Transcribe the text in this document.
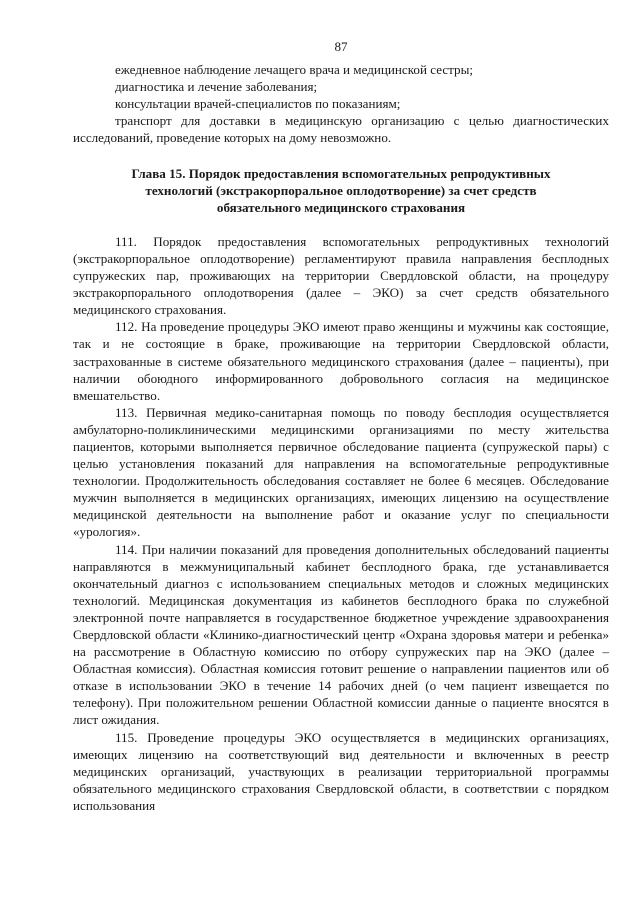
87

ежедневное наблюдение лечащего врача и медицинской сестры;

диагностика и лечение заболевания;

консультации врачей-специалистов по показаниям;

транспорт для доставки в медицинскую организацию с целью диагностических исследований, проведение которых на дому невозможно.

Глава 15. Порядок предоставления вспомогательных репродуктивных
технологий (экстракорпоральное оплодотворение) за счет средств
обязательного медицинского страхования

111. Порядок предоставления вспомогательных репродуктивных технологий (экстракорпоральное оплодотворение) регламентируют правила направления бесплодных супружеских пар, проживающих на территории Свердловской области, на процедуру экстракорпорального оплодотворения (далее – ЭКО) за счет средств обязательного медицинского страхования.

112. На проведение процедуры ЭКО имеют право женщины и мужчины как состоящие, так и не состоящие в браке, проживающие на территории Свердловской области, застрахованные в системе обязательного медицинского страхования (далее – пациенты), при наличии обоюдного информированного добровольного согласия на медицинское вмешательство.

113. Первичная медико-санитарная помощь по поводу бесплодия осуществляется амбулаторно-поликлиническими медицинскими организациями по месту жительства пациентов, которыми выполняется первичное обследование пациента (супружеской пары) с целью установления показаний для направления на вспомогательные репродуктивные технологии. Продолжительность обследования составляет не более 6 месяцев. Обследование мужчин выполняется в медицинских организациях, имеющих лицензию на осуществление медицинской деятельности на выполнение работ и оказание услуг по специальности «урология».

114. При наличии показаний для проведения дополнительных обследований пациенты направляются в межмуниципальный кабинет бесплодного брака, где устанавливается окончательный диагноз с использованием специальных методов и сложных медицинских технологий. Медицинская документация из кабинетов бесплодного брака по служебной электронной почте направляется в государственное бюджетное учреждение здравоохранения Свердловской области «Клинико-диагностический центр «Охрана здоровья матери и ребенка» на рассмотрение в Областную комиссию по отбору супружеских пар на ЭКО (далее – Областная комиссия). Областная комиссия готовит решение о направлении пациентов или об отказе в использовании ЭКО в течение 14 рабочих дней (о чем пациент извещается по телефону). При положительном решении Областной комиссии данные о пациенте вносятся в лист ожидания.

115. Проведение процедуры ЭКО осуществляется в медицинских организациях, имеющих лицензию на соответствующий вид деятельности и включенных в реестр медицинских организаций, участвующих в реализации территориальной программы обязательного медицинского страхования Свердловской области, в соответствии с порядком использования
